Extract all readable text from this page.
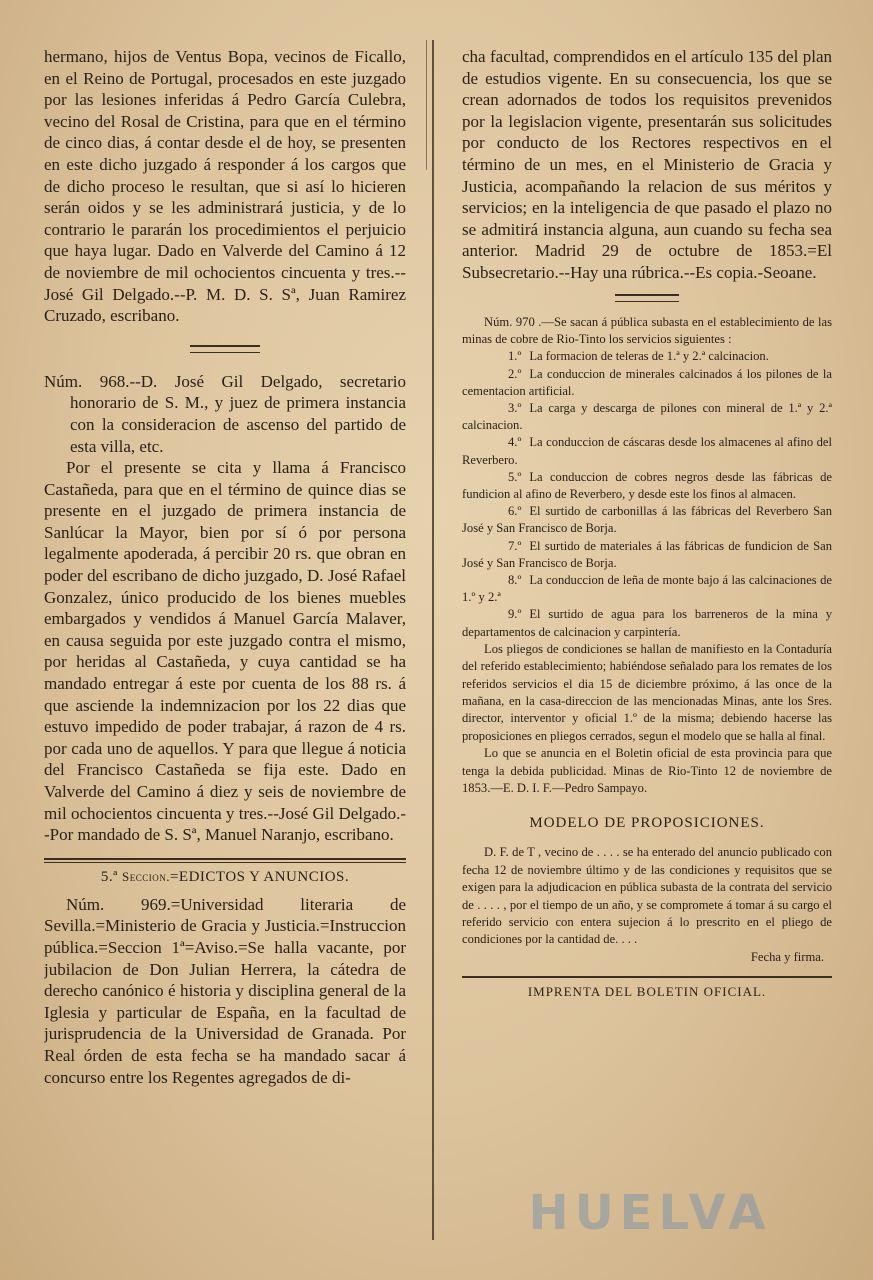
hermano, hijos de Ventus Bopa, vecinos de Ficallo, en el Reino de Portugal, procesados en este juzgado por las lesiones inferidas á Pedro García Culebra, vecino del Rosal de Cristina, para que en el término de cinco dias, á contar desde el de hoy, se presenten en este dicho juzgado á responder á los cargos que de dicho proceso le resultan, que si así lo hicieren serán oidos y se les administrará justicia, y de lo contrario le pararán los procedimientos el perjuicio que haya lugar. Dado en Valverde del Camino á 12 de noviembre de mil ochocientos cincuenta y tres.--José Gil Delgado.--P. M. D. S. Sª, Juan Ramirez Cruzado, escribano.

Núm. 968.--D. José Gil Delgado, secretario honorario de S. M., y juez de primera instancia con la consideracion de ascenso del partido de esta villa, etc.

Por el presente se cita y llama á Francisco Castañeda, para que en el término de quince dias se presente en el juzgado de primera instancia de Sanlúcar la Mayor, bien por sí ó por persona legalmente apoderada, á percibir 20 rs. que obran en poder del escribano de dicho juzgado, D. José Rafael Gonzalez, único producido de los bienes muebles embargados y vendidos á Manuel García Malaver, en causa seguida por este juzgado contra el mismo, por heridas al Castañeda, y cuya cantidad se ha mandado entregar á este por cuenta de los 88 rs. á que asciende la indemnizacion por los 22 dias que estuvo impedido de poder trabajar, á razon de 4 rs. por cada uno de aquellos. Y para que llegue á noticia del Francisco Castañeda se fija este. Dado en Valverde del Camino á diez y seis de noviembre de mil ochocientos cincuenta y tres.--José Gil Delgado.--Por mandado de S. Sª, Manuel Naranjo, escribano.

5.ª Seccion.=EDICTOS Y ANUNCIOS.

Núm. 969.=Universidad literaria de Sevilla.=Ministerio de Gracia y Justicia.=Instruccion pública.=Seccion 1ª=Aviso.=Se halla vacante, por jubilacion de Don Julian Herrera, la cátedra de derecho canónico é historia y disciplina general de la Iglesia y particular de España, en la facultad de jurisprudencia de la Universidad de Granada. Por Real órden de esta fecha se ha mandado sacar á concurso entre los Regentes agregados de di-

cha facultad, comprendidos en el artículo 135 del plan de estudios vigente. En su consecuencia, los que se crean adornados de todos los requisitos prevenidos por la legislacion vigente, presentarán sus solicitudes por conducto de los Rectores respectivos en el término de un mes, en el Ministerio de Gracia y Justicia, acompañando la relacion de sus méritos y servicios; en la inteligencia de que pasado el plazo no se admitirá instancia alguna, aun cuando su fecha sea anterior. Madrid 29 de octubre de 1853.=El Subsecretario.--Hay una rúbrica.--Es copia.-Seoane.

Núm. 970 .—Se sacan á pública subasta en el establecimiento de las minas de cobre de Rio-Tinto los servicios siguientes :

1.º La formacion de teleras de 1.ª y 2.ª calcinacion.

2.º La conduccion de minerales calcinados á los pilones de la cementacion artificial.

3.º La carga y descarga de pilones con mineral de 1.ª y 2.ª calcinacion.

4.º La conduccion de cáscaras desde los almacenes al afino del Reverbero.

5.º La conduccion de cobres negros desde las fábricas de fundicion al afino de Reverbero, y desde este los finos al almacen.

6.º El surtido de carbonillas á las fábricas del Reverbero San José y San Francisco de Borja.

7.º El surtido de materiales á las fábricas de fundicion de San José y San Francisco de Borja.

8.º La conduccion de leña de monte bajo á las calcinaciones de 1.º y 2.ª

9.º El surtido de agua para los barreneros de la mina y departamentos de calcinacion y carpintería.

Los pliegos de condiciones se hallan de manifiesto en la Contaduría del referido establecimiento; habiéndose señalado para los remates de los referidos servicios el dia 15 de diciembre próximo, á las once de la mañana, en la casa-direccion de las mencionadas Minas, ante los Sres. director, interventor y oficial 1.º de la misma; debiendo hacerse las proposiciones en pliegos cerrados, segun el modelo que se halla al final.

Lo que se anuncia en el Boletin oficial de esta provincia para que tenga la debida publicidad. Minas de Rio-Tinto 12 de noviembre de 1853.—E. D. I. F.—Pedro Sampayo.

MODELO DE PROPOSICIONES.

D. F. de T , vecino de . . . . se ha enterado del anuncio publicado con fecha 12 de noviembre último y de las condiciones y requisitos que se exigen para la adjudicacion en pública subasta de la contrata del servicio de . . . . , por el tiempo de un año, y se compromete á tomar á su cargo el referido servicio con entera sujecion á lo prescrito en el pliego de condiciones por la cantidad de. . . .

Fecha y firma.

IMPRENTA DEL BOLETIN OFICIAL.
HUELVA
